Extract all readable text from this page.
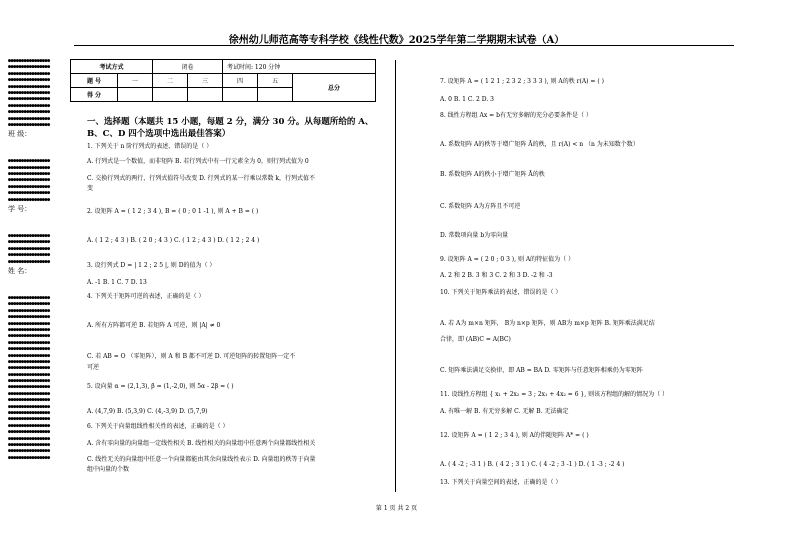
徐州幼儿师范高等专科学校《线性代数》2025学年第二学期期末试卷（A）
●●●●●●●●●●●●●●●●
●●●●●●●●●●●●●●●●
●●●●●●●●●●●●●●●●
●●●●●●●●●●●●●●●●
●●●●●●●●●●●●●●●●
●●●●●●●●●●●●●●●●
●●●●●●●●●●●●●●●●
●●●●●●●●●●●●●●●●
●●●●●●●●●●●●●●●●
●●●●●●●●●●●●●●●●
●●●●●●●●●●●●●●●●
班 级：
●●●●●●●●●●●●●●●●
●●●●●●●●●●●●●●●●
●●●●●●●●●●●●●●●●
●●●●●●●●●●●●●●●●
●●●●●●●●●●●●●●●●
●●●●●●●●●●●●●●●●
●●●●●●●●●●●●●●●●
学 号：
●●●●●●●●●●●●●●●●
●●●●●●●●●●●●●●●●
●●●●●●●●●●●●●●●●
●●●●●●●●●●●●●●●●
●●●●●●●●●●●●●●●●
姓 名：
●●●●●●●●●●●●●●●●
●●●●●●●●●●●●●●●●
●●●●●●●●●●●●●●●●
●●●●●●●●●●●●●●●●
●●●●●●●●●●●●●●●●
●●●●●●●●●●●●●●●●
●●●●●●●●●●●●●●●●
●●●●●●●●●●●●●●●●
●●●●●●●●●●●●●●●●
●●●●●●●●●●●●●●●●
●●●●●●●●●●●●●●●●
●●●●●●●●●●●●●●●●
●●●●●●●●●●●●●●●●
●●●●●●●●●●●●●●●●
●●●●●●●●●●●●●●●●
●●●●●●●●●●●●●●●●
●●●●●●●●●●●●●●●●
●●●●●●●●●●●●●●●●
●●●●●●●●●●●●●●●●
●●●●●●●●●●●●●●●●
●●●●●●●●●●●●●●●●
●●●●●●●●●●●●●●●●
●●●●●●●●●●●●●●●●
●●●●●●●●●●●●●●●●
●●●●●●●●●●●●●●●●
●●●●●●●●●●●●●●●●
考试方式		闭卷		考试时间: 120 分钟		
题 号	一	二	三	四	五	总分
得 分						
一、选择题（本题共 15 小题，每题 2 分，满分 30 分。从每题所给的 A、B、C、D 四个选项中选出最佳答案）
1. 下列关于 n 阶行列式的表述，错误的是（ ）
A. 行列式是一个数值，而非矩阵 B. 若行列式中有一行元素全为 0，则行列式值为 0
C. 交换行列式的两行，行列式值符号改变 D. 行列式的某一行乘以常数 k，行列式值不
变
2. 设矩阵 A = ( 1 2 ; 3 4 ), B = ( 0 ; 0 1 -1 ), 则 A + B = ( )
A. ( 1 2 ; 4 3 ) B. ( 2 0 ; 4 3 ) C. ( 1 2 ; 4 3 ) D. ( 1 2 ; 2 4 )
3. 设行列式 D = | 1 2 ; 2 5 |, 则 D的值为（ ）
A. -1 B. 1 C. 7 D. 13
4. 下列关于矩阵可逆的表述，正确的是（ ）
A. 所有方阵都可逆 B. 若矩阵 A 可逆，则 |A| ≠ 0
C. 若 AB = O （零矩阵），则 A 和 B 都不可逆 D. 可逆矩阵的转置矩阵一定不
可逆
5. 设向量 α = (2,1,3), β = (1,-2,0), 则 5α - 2β = ( )
A. (4,7,9) B. (5,3,9) C. (4,-3,9) D. (5,7,9)
6. 下列关于向量组线性相关性的表述，正确的是（ ）
A. 含有零向量的向量组一定线性相关 B. 线性相关的向量组中任意两个向量都线性相关
C. 线性无关的向量组中任意一个向量都能由其余向量线性表示 D. 向量组的秩等于向量
组中向量的个数
7. 设矩阵 A = ( 1 2 1 ; 2 3 2 ; 3 3 3 ), 则 A的秩 r(A) = ( )
A. 0 B. 1 C. 2 D. 3
8. 线性方程组 Ax = b有无穷多解的充分必要条件是（ ）
A. 系数矩阵 A的秩等于增广矩阵 Ā的秩，且 r(A) < n （n 为未知数个数）
B. 系数矩阵 A的秩小于增广矩阵 Ā的秩
C. 系数矩阵 A为方阵且不可逆
D. 常数项向量 b为零向量
9. 设矩阵 A = ( 2 0 ; 0 3 ), 则 A的特征值为（ ）
A. 2 和 2 B. 3 和 3 C. 2 和 3 D. -2 和 -3
10. 下列关于矩阵乘法的表述，错误的是（ ）
A. 若 A为 m×n 矩阵， B为 n×p 矩阵，则 AB为 m×p 矩阵 B. 矩阵乘法满足结
合律，即 (AB)C = A(BC)
C. 矩阵乘法满足交换律，即 AB = BA D. 零矩阵与任意矩阵相乘仍为零矩阵
11. 设线性方程组 { x₁ + 2x₂ = 3 ; 2x₁ + 4x₂ = 6 }, 则该方程组的解的情况为（ ）
A. 有唯一解 B. 有无穷多解 C. 无解 B. 无法确定
12. 设矩阵 A = ( 1 2 ; 3 4 ), 则 A的伴随矩阵 A* = ( )
A. ( 4 -2 ; -3 1 ) B. ( 4 2 ; 3 1 ) C. ( 4 -2 ; 3 -1 ) D. ( 1 -3 ; -2 4 )
13. 下列关于向量空间的表述，正确的是（ ）
第 1 页 共 2 页
